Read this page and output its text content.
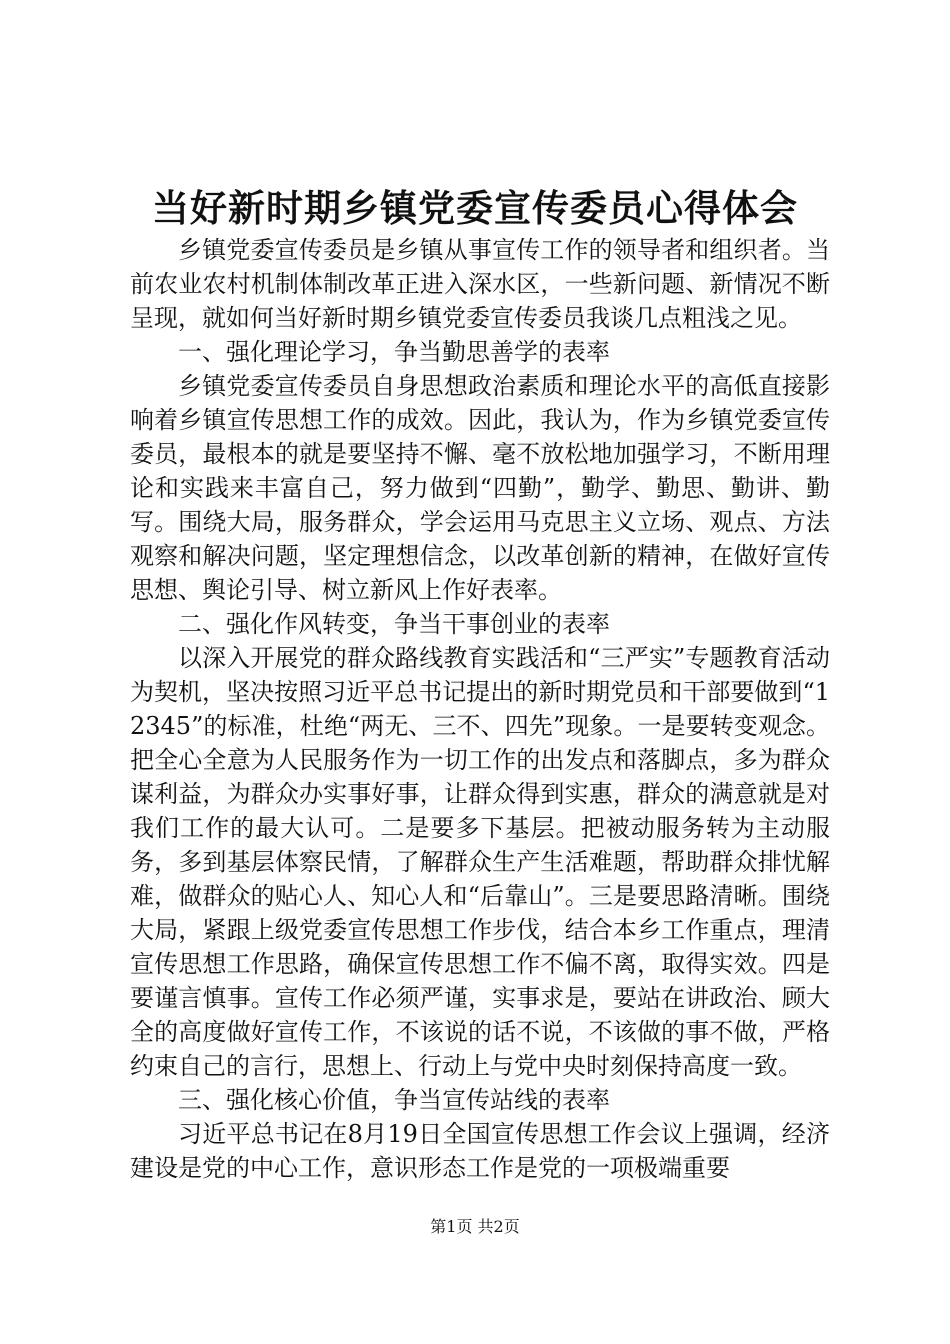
当好新时期乡镇党委宣传委员心得体会

乡镇党委宣传委员是乡镇从事宣传工作的领导者和组织者。当前农业农村机制体制改革正进入深水区，一些新问题、新情况不断呈现，就如何当好新时期乡镇党委宣传委员我谈几点粗浅之见。

一、强化理论学习，争当勤思善学的表率

乡镇党委宣传委员自身思想政治素质和理论水平的高低直接影响着乡镇宣传思想工作的成效。因此，我认为，作为乡镇党委宣传委员，最根本的就是要坚持不懈、毫不放松地加强学习，不断用理论和实践来丰富自己，努力做到“四勤”，勤学、勤思、勤讲、勤写。围绕大局，服务群众，学会运用马克思主义立场、观点、方法观察和解决问题，坚定理想信念，以改革创新的精神，在做好宣传思想、舆论引导、树立新风上作好表率。

二、强化作风转变，争当干事创业的表率

以深入开展党的群众路线教育实践活和“三严实”专题教育活动为契机，坚决按照习近平总书记提出的新时期党员和干部要做到“12345”的标准，杜绝“两无、三不、四先”现象。一是要转变观念。把全心全意为人民服务作为一切工作的出发点和落脚点，多为群众谋利益，为群众办实事好事，让群众得到实惠，群众的满意就是对我们工作的最大认可。二是要多下基层。把被动服务转为主动服务，多到基层体察民情，了解群众生产生活难题，帮助群众排忧解难，做群众的贴心人、知心人和“后靠山”。三是要思路清晰。围绕大局，紧跟上级党委宣传思想工作步伐，结合本乡工作重点，理清宣传思想工作思路，确保宣传思想工作不偏不离，取得实效。四是要谨言慎事。宣传工作必须严谨，实事求是，要站在讲政治、顾大全的高度做好宣传工作，不该说的话不说，不该做的事不做，严格约束自己的言行，思想上、行动上与党中央时刻保持高度一致。

三、强化核心价值，争当宣传站线的表率

习近平总书记在8月19日全国宣传思想工作会议上强调，经济建设是党的中心工作，意识形态工作是党的一项极端重要

第1页 共2页
